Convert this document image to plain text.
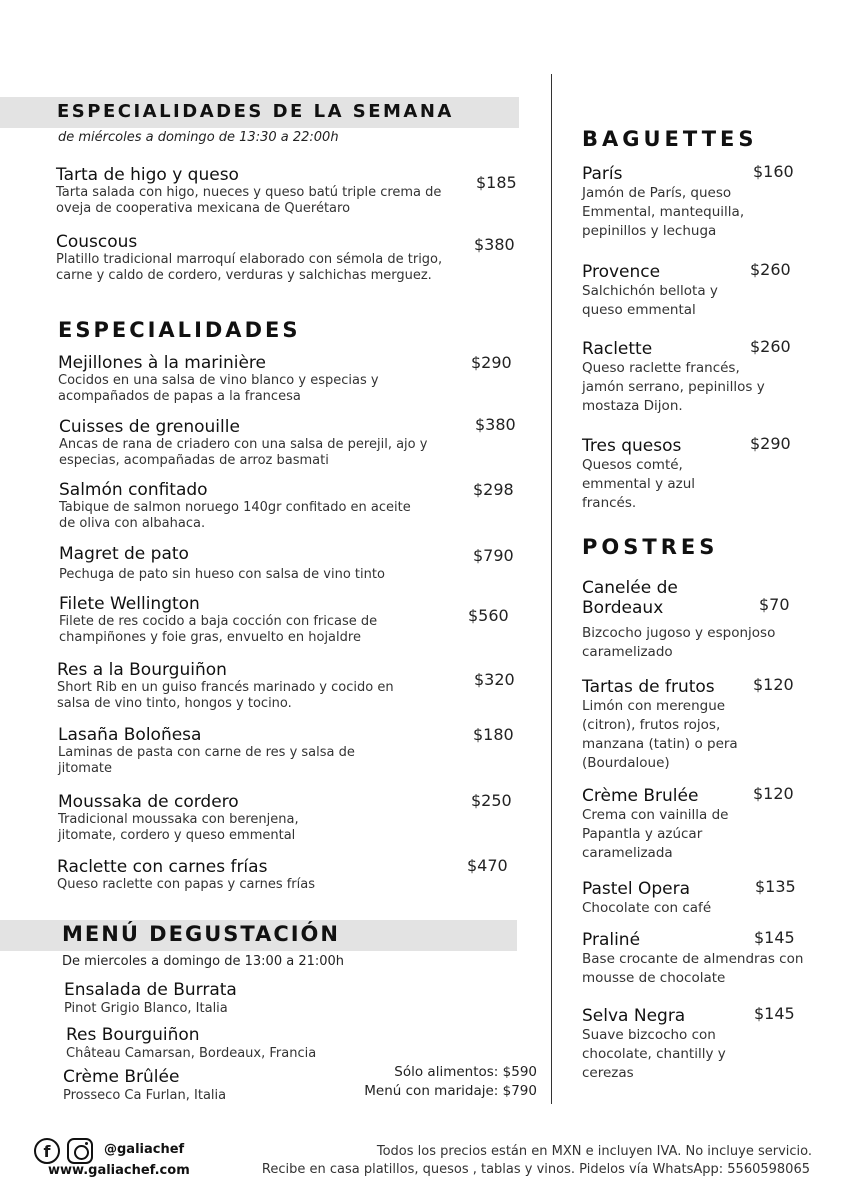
ESPECIALIDADES DE LA SEMANA
de miércoles a domingo de 13:30 a 22:00h
Tarta de higo y queso
Tarta salada con higo, nueces y queso batú triple crema de oveja de cooperativa mexicana de Querétaro
$185
Couscous
Platillo tradicional marroquí elaborado con sémola de trigo, carne y caldo de cordero, verduras y salchichas merguez.
$380
ESPECIALIDADES
Mejillones à la marinière
Cocidos en una salsa de vino blanco y especias y acompañados de papas a la francesa
$290
Cuisses de grenouille
Ancas de rana de criadero con una salsa de perejil, ajo y especias, acompañadas de arroz basmati
$380
Salmón confitado
Tabique de salmon noruego 140gr confitado en aceite de oliva con albahaca.
$298
Magret de pato
Pechuga de pato sin hueso con salsa de vino tinto
$790
Filete Wellington
Filete de res cocido a baja cocción con fricase de champiñones y foie gras, envuelto en hojaldre
$560
Res a la Bourguiñon
Short Rib en un guiso francés marinado y cocido en salsa de vino tinto, hongos y tocino.
$320
Lasaña Boloñesa
Laminas de pasta con carne de res y salsa de jitomate
$180
Moussaka de cordero
Tradicional moussaka con berenjena, jitomate, cordero y queso emmental
$250
Raclette con carnes frías
Queso raclette con papas y carnes frías
$470
MENÚ DEGUSTACIÓN
De miercoles a domingo de 13:00 a 21:00h
Ensalada de Burrata
Pinot Grigio Blanco, Italia
Res Bourguiñon
Château Camarsan, Bordeaux, Francia
Crème Brûlée
Prosseco Ca Furlan, Italia
Sólo alimentos: $590
Menú con maridaje: $790
BAGUETTES
París
Jamón de París, queso Emmental, mantequilla, pepinillos y lechuga
$160
Provence
Salchichón bellota y queso emmental
$260
Raclette
Queso raclette francés, jamón serrano, pepinillos y mostaza Dijon.
$260
Tres quesos
Quesos comté, emmental y azul francés.
$290
POSTRES
Canelée de Bordeaux
Bizcocho jugoso y esponjoso caramelizado
$70
Tartas de frutos
Limón con merengue (citron), frutos rojos, manzana (tatin) o pera (Bourdaloue)
$120
Crème Brulée
Crema con vainilla de Papantla y azúcar caramelizada
$120
Pastel Opera
Chocolate con café
$135
Praliné
Base crocante de almendras con mousse de chocolate
$145
Selva Negra
Suave bizcocho con chocolate, chantilly y cerezas
$145
f	@galiachef
www.galiachef.com
Todos los precios están en MXN e incluyen IVA. No incluye servicio.
Recibe en casa platillos, quesos , tablas y vinos. Pidelos vía WhatsApp: 5560598065
